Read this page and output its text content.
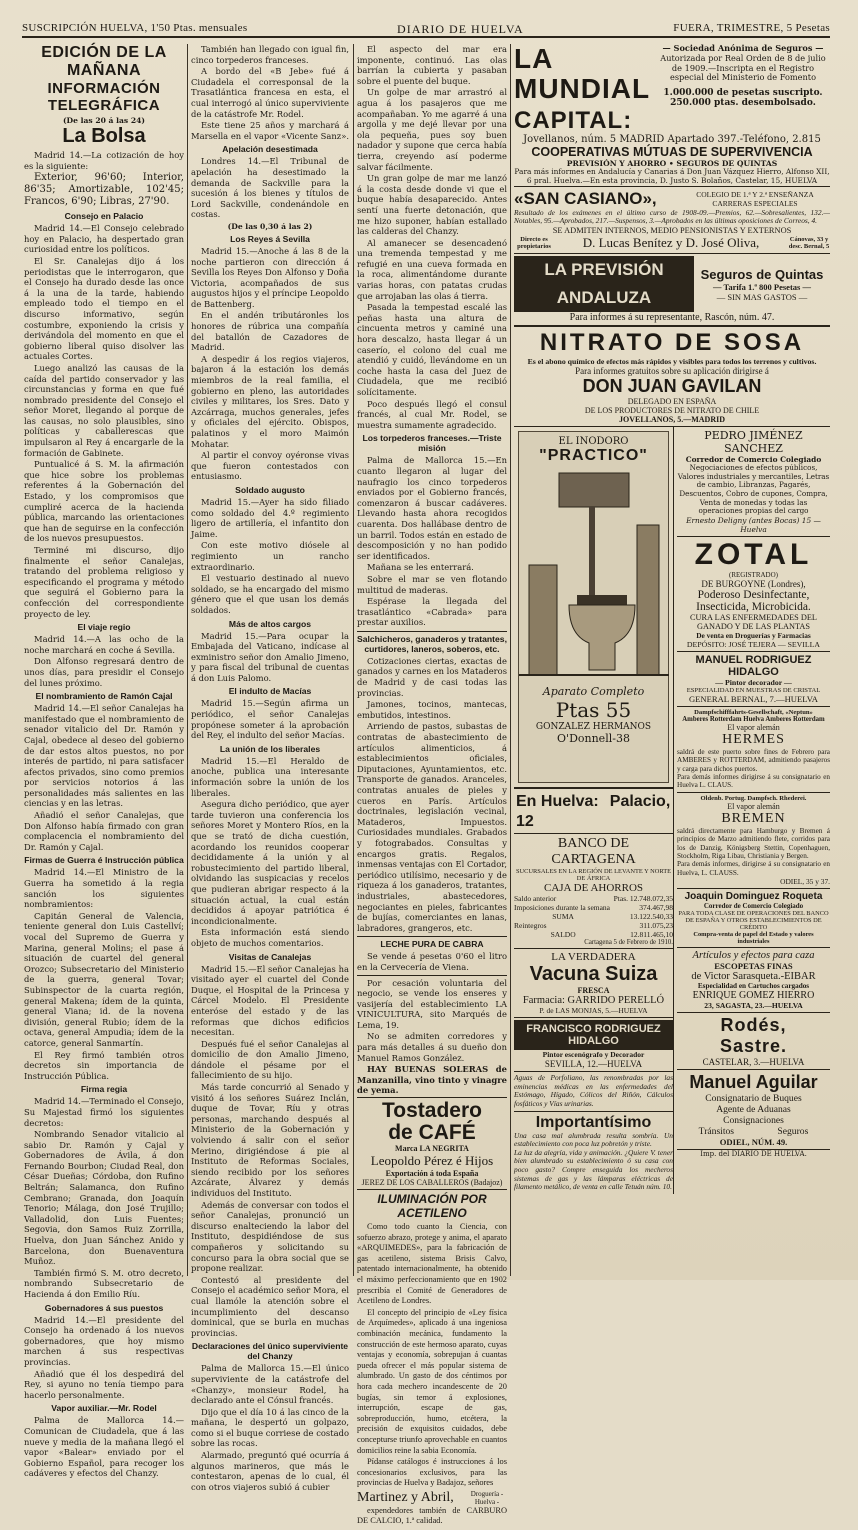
SUSCRIPCIÓN HUELVA, 1'50 Ptas. mensuales	DIARIO DE HUELVA	FUERA, TRIMESTRE, 5 Pesetas
EDICIÓN DE LA MAÑANA
INFORMACIÓN TELEGRÁFICA
(De las 20 á las 24)
La Bolsa

Madrid 14.—La cotización de hoy es la siguiente:

Exterior, 96'60; Interior, 86'35; Amortizable, 102'45; Francos, 6'90; Libras, 27'90.

Consejo en Palacio

Madrid 14.—El Consejo celebrado hoy en Palacio, ha despertado gran curiosidad entre los políticos.

El Sr. Canalejas dijo á los periodistas que le interrogaron, que el Consejo ha durado desde las once á la una de la tarde, habiendo empleado todo el tiempo en el discurso informativo, según costumbre, exponiendo la crisis y derivándola del momento en que el gobierno liberal quiso disolver las actuales Cortes.

Luego analizó las causas de la caída del partido conservador y las circunstancias y forma en que fué nombrado presidente del Consejo el señor Moret, llegando al porque de las causas, no solo plausibles, sino políticas y caballerescas que impulsaron al Rey á encargarle de la formación de Gabinete.

Puntualicé á S. M. la afirmación que hice sobre los problemas referentes á la Gobernación del Estado, y los compromisos que cumpliré acerca de la hacienda pública, marcando las orientaciones que han de seguirse en la confección de los nuevos presupuestos.

Terminé mi discurso, dijo finalmente el señor Canalejas, tratando del problema religioso y especificando el programa y método que seguirá el Gobierno para la confección del correspondiente proyecto de ley.

El viaje regio

Madrid 14.—A las ocho de la noche marchará en coche á Sevilla.

Don Alfonso regresará dentro de unos días, para presidir el Consejo del lunes próximo.

El nombramiento de Ramón Cajal

Madrid 14.—El señor Canalejas ha manifestado que el nombramiento de senador vitalicio del Dr. Ramón y Cajal, obedece al deseo del gobierno de dar estos altos puestos, no por interés de partido, ni para satisfacer afectos privados, sino como premios por servicios notorios á las personalidades más salientes en las ciencias y en las letras.

Añadió el señor Canalejas, que Don Alfonso había firmado con gran complacencia el nombramiento del Dr. Ramón y Cajal.

Firmas de Guerra é Instrucción pública

Madrid 14.—El Ministro de la Guerra ha sometido á la regia sanción los siguientes nombramientos:

Capitán General de Valencia, teniente general don Luis Castellví; vocal del Supremo de Guerra y Marina, general Molins; el pase á situación de cuartel del general Orozco; Subsecretario del Ministerio de la guerra, general Tovar; Subinspector de la cuarta región, general Makena; ídem de la quinta, general Viana; id. de la novena división, general Rubio; ídem de la octava, general Ampudia; ídem de la catorce, general Sanmartín.

El Rey firmó también otros decretos sin importancia de Instrucción Pública.

Firma regia

Madrid 14.—Terminado el Consejo, Su Majestad firmó los siguientes decretos:

Nombrando Senador vitalicio al sabio Dr. Ramón y Cajal y Gobernadores de Ávila, á don Fernando Bourbon; Ciudad Real, don César Dueñas; Córdoba, don Rufino Beltrán; Salamanca, don Rufino Cembrano; Granada, don Joaquín Tenorio; Málaga, don José Trujillo; Valladolid, don Luis Fuentes; Segovia, don Samos Ruiz Zorrilla, Huelva, don Juan Sánchez Anido y Barcelona, don Buenaventura Muñoz.

También firmó S. M. otro decreto, nombrando Subsecretario de Hacienda á don Emilio Ríu.

Gobernadores á sus puestos

Madrid 14.—El presidente del Consejo ha ordenado á los nuevos gobernadores, que hoy mismo marchen á sus respectivas provincias.

Añadió que él los despedirá del Rey, si ayuno no tenía tiempo para hacerlo personalmente.

Vapor auxiliar.—Mr. Rodel

Palma de Mallorca 14.—Comunican de Ciudadela, que á las nueve y media de la mañana llegó el vapor «Balear» enviado por el Gobierno Español, para recoger los cadáveres y efectos del Chanzy.

También han llegado con igual fin, cinco torpederos franceses.

A bordo del «B Jebe» fué á Ciudadela el corresponsal de la Trasatlántica francesa en esta, el cual interrogó al único superviviente de la catástrofe Mr. Rodel.

Este tiene 25 años y marchará á Marsella en el vapor «Vicente Sanz».

Apelación desestimada

Londres 14.—El Tribunal de apelación ha desestimado la demanda de Sackville para la sucesión á los bienes y títulos de Lord Sackville, condenándole en costas.

(De las 0,30 á las 2)
Los Reyes á Sevilla

Madrid 15.—Anoche á las 8 de la noche partieron con dirección á Sevilla los Reyes Don Alfonso y Doña Victoria, acompañados de sus augustos hijos y el príncipe Leopoldo de Battenberg.

En el andén tributáronles los honores de rúbrica una compañía del batallón de Cazadores de Madrid.

A despedir á los regios viajeros, bajaron á la estación los demás miembros de la real familia, el gobierno en pleno, las autoridades civiles y militares, los Sres. Dato y Azcárraga, muchos generales, jefes y oficiales del ejército. Obispos, palatinos y el moro Maimón Mohatar.

Al partir el convoy oyéronse vivas que fueron contestados con entusiasmo.

Soldado augusto

Madrid 15.—Ayer ha sido filiado como soldado del 4.º regimiento ligero de artillería, el infantito don Jaime.

Con este motivo diósele al regimiento un rancho extraordinario.

El vestuario destinado al nuevo soldado, se ha encargado del mismo género que el que usan los demás soldados.

Más de altos cargos

Madrid 15.—Para ocupar la Embajada del Vaticano, indícase al exministro señor don Amalio Jimeno, y para fiscal del tribunal de cuentas á don Luis Palomo.

El indulto de Macías

Madrid 15.—Según afirma un periódico, el señor Canalejas propónese someter á la aprobación del Rey, el indulto del señor Macías.

La unión de los liberales

Madrid 15.—El Heraldo de anoche, publica una interesante información sobre la unión de los liberales.

Asegura dicho periódico, que ayer tarde tuvieron una conferencia los señores Moret y Montero Ríos, en la que se trató de dicha cuestión, acordando los reunidos cooperar decididamente á la unión y al robustecimiento del partido liberal, olvidando las suspicacias y recelos que pudieran abrigar respecto á la situación actual, la cual están decididos á apoyar patriótica é incondicionalmente.

Esta información está siendo objeto de muchos comentarios.

Visitas de Canalejas

Madrid 15.—El señor Canalejas ha visitado ayer el cuartel del Conde Duque, el Hospital de la Princesa y Cárcel Modelo. El Presidente enteróse del estado y de las reformas que dichos edificios necesitan.

Después fué el señor Canalejas al domicilio de don Amalio Jimeno, dándole el pésame por el fallecimiento de su hijo.

Más tarde concurrió al Senado y visitó á los señores Suárez Inclán, duque de Tovar, Ríu y otras personas, marchando después al Ministerio de la Gobernación y volviendo á salir con el señor Merino, dirigiéndose á pie al Instituto de Reformas Sociales, siendo recibido por los señores Azcárate, Álvarez y demás individuos del Instituto.

Además de conversar con todos el señor Canalejas, pronunció un discurso enalteciendo la labor del Instituto, despidiéndose de sus compañeros y solicitando su concurso para la obra social que se propone realizar.

Contestó al presidente del Consejo el académico señor Mora, el cual llamóle la atención sobre el incumplimiento del descanso dominical, que se burla en muchas provincias.

Declaraciones del único superviviente del Chanzy

Palma de Mallorca 15.—El único superviviente de la catástrofe del «Chanzy», monsieur Rodel, ha declarado ante el Cónsul francés.

Dijo que el día 10 á las cinco de la mañana, le despertó un golpazo, como si el buque corriese de costado sobre las rocas.

Alarmado, preguntó qué ocurría á algunos marineros, que más le contestaron, apenas de lo cual, él con otros viajeros subió á cubier

El aspecto del mar era imponente, continuó. Las olas barrían la cubierta y pasaban sobre el puente del buque.

Un golpe de mar arrastró al agua á los pasajeros que me acompañaban. Yo me agarré á una argolla y me dejé llevar por una ola pequeña, pues soy buen nadador y supone que cerca había tierra, creyendo así poderme salvar fácilmente.

Un gran golpe de mar me lanzó á la costa desde donde vi que el buque había desaparecido. Antes sentí una fuerte detonación, que me hizo suponer, habían estallado las calderas del Chanzy.

Al amanecer se desencadenó una tremenda tempestad y me refugié en una cueva formada en la roca, alimentándome durante varias horas, con patatas crudas que arrojaban las olas á tierra.

Pasada la tempestad escalé las peñas hasta una altura de cincuenta metros y caminé una hora descalzo, hasta llegar á un caserío, el colono del cual me atendió y cuidó, llevándome en un coche hasta la casa del Juez de Ciudadela, que me recibió solícitamente.

Poco después llegó el consul francés, al cual Mr. Rodel, se muestra sumamente agradecido.

Los torpederos franceses.—Triste misión

Palma de Mallorca 15.—En cuanto llegaron al lugar del naufragio los cinco torpederos enviados por el Gobierno francés, comenzaron á buscar cadáveres. Llevando hasta ahora recogidos cuarenta. Dos hallábase dentro de un barril. Todos están en estado de descomposición y no han podido ser identificados.

Mañana se les enterrará.

Sobre el mar se ven flotando multitud de maderas.

Espérase la llegada del trasatlántico «Cabrada» para prestar auxilios.

Salchicheros, ganaderos y tratantes, curtidores, laneros, soberos, etc.

Cotizaciones ciertas, exactas de ganados y carnes en los Mataderos de Madrid y de casi todas las provincias.

Jamones, tocinos, mantecas, embutidos, intestinos.

Arriendo de pastos, subastas de contratas de abastecimiento de artículos alimenticios, á establecimientos oficiales, Diputaciones, Ayuntamientos, etc. Transporte de ganados. Aranceles, contratas anuales de pieles y cueros en París. Artículos doctrinales, legislación vecinal, Mataderos, Impuestos. Curiosidades mundiales. Grabados y fotograbados. Consultas y encargos gratis. Regalos, inmensas ventajas con El Cortador, periódico utilísimo, necesario y de riqueza á los ganaderos, tratantes, industriales, abastecedores, negociantes en pieles, fabricantes de bujías, comerciantes en lanas, labradores, grangeros, etc.

LECHE PURA DE CABRA

Se vende á pesetas 0'60 el litro en la Cervecería de Viena.

Por cesación voluntaria del negocio, se vende los enseres y vasijería del establecimiento LA VINICULTURA, sito Marqués de Lema, 19.

No se admiten corredores y para más detalles á su dueño don Manuel Ramos González.

HAY BUENAS SOLERAS de Manzanilla, vino tinto y vinagre de yema.

Tostadero
de CAFÉ
Marca LA NEGRITA
Leopoldo Pérez é Hijos
Exportación á toda España
JEREZ DE LOS CABALLEROS (Badajoz)
ILUMINACIÓN POR ACETILENO

Como todo cuanto la Ciencia, con sofuerzo abrazo, protege y anima, el aparato «ARQUIMEDES», para la fabricación de gas acetileno, sistema Brisis Calvo, patentado internacionalmente, ha obtenido el máximo perfeccionamiento que en 1902 prescribía el Comité de Generadores de Acetileno de Londres.

El concepto del principio de «Ley física de Arquímedes», aplicado á una ingeniosa combinación mecánica, fundamento la construcción de este hermoso aparato, cuyas ventajas y economía, sobrepujan á cuantas pueda ofrecer el más popular sistema de alumbrado. Un gasto de dos céntimos por hora cada mechero incandescente de 20 bugías, sin temor á explosiones, interrupción, escape de gas, sobreproducción, humo, etcétera, la precisión de exquisitos cuidados, debe concepturse triunfo aprovechable en cuantos domicilios reine la sabia Economía.

Pídanse catálogos é instrucciones á los concesionarios exclusivos, para las provincias de Huelva y Badajoz, señores

Martinez y Abril,	Droguería - Huelva -

expendedores también de CARBURO DE CALCIO, 1.ª calidad.

LA MUNDIAL
CAPITAL:
— Sociedad Anónima de Seguros —
Autorizada por Real Orden de 8 de julio de 1909.—Inscripta en el Registro especial del Ministerio de Fomento
1.000.000 de pesetas suscripto.
250.000 ptas. desembolsado.
Jovellanos, núm. 5 MADRID Apartado 397.-Teléfono, 2.815
COOPERATIVAS MÚTUAS DE SUPERVIVENCIA
PREVISIÓN Y AHORRO • SEGUROS DE QUINTAS
Para más informes en Andalucía y Canarias á Don Juan Vázquez Hierro, Alfonso XII, 6 pral. Huelva.—En esta provincia, D. Justo S. Bolaños, Castelar, 15, HUELVA
«SAN CASIANO»,	COLEGIO DE 1.ª Y 2.ª ENSEÑANZA CARRERAS ESPECIALES
Resultado de los exámenes en el último curso de 1908-09.—Premios, 62.—Sobresalientes, 132.—Notables, 95.—Aprobados, 217.—Suspensos, 3.—Aprobados en las últimas oposiciones de Correos, 4.
SE ADMITEN INTERNOS, MEDIO PENSIONISTAS Y EXTERNOS
Directo es propietarios D. Lucas Benítez y D. José Oliva,	Cánovas, 33 y desc. Bernal, 5
LA PREVISIÓN ANDALUZA
Seguros de Quintas
— Tarifa 1.ª 800 Pesetas —
— SIN MAS GASTOS —
Para informes á su representante, Rascón, núm. 47.
NITRATO DE SOSA
Es el abono químico de efectos más rápidos y visibles para todos los terrenos y cultivos.
Para informes gratuitos sobre su aplicación dirigirse á
DON JUAN GAVILAN
DELEGADO EN ESPAÑA
DE LOS PRODUCTORES DE NITRATO DE CHILE
JOVELLANOS, 5.—MADRID
EL INODORO
"PRACTICO"
Aparato Completo
Ptas 55
GONZALEZ HERMANOS
O'Donnell-38
En Huelva: Palacio, 12
BANCO DE CARTAGENA
SUCURSALES EN LA REGIÓN DE LEVANTE Y NORTE DE ÁFRICA
CAJA DE AHORROS
Saldo anterior	Ptas. 12.748.072,35
Imposiciones durante la semana	374.467,98
SUMA	13.122.540,33
Reintegros	311.075,23
SALDO	12.811.465,10
Cartagena 5 de Febrero de 1910.
LA VERDADERA
Vacuna Suiza
FRESCA
Farmacia: GARRIDO PERELLÓ
P. de LAS MONJAS, 5.—HUELVA
FRANCISCO RODRIGUEZ HIDALGO
Pintor escenógrafo y Decorador
SEVILLA, 12.—HUELVA
Aguas de Porfoliano, las renombradas por las eminencias médicas en las enfermedades del Estómago, Hígado, Cólicos del Riñón, Cálculos fosfáticos y Vías urinarias.
Importantísimo
Una casa mal alumbrada resulta sombría. Un establecimiento con poca luz pobretón y triste.
La luz da alegría, vida y animación. ¿Quiere V. tener bien alumbrado su establecimiento ó su casa con poco gasto? Compre enseguida los mecheros sistemas de gas y las lámparas eléctricas de filamento metálico, de venta en calle Tetuán núm. 10.
PEDRO JIMÉNEZ SANCHEZ
Corredor de Comercio Colegiado
Negociaciones de efectos públicos, Valores industriales y mercantiles, Letras de cambio, Libranzas, Pagarés, Descuentos, Cobro de cupones, Compra, Venta de monedas y todas las operaciones propias del cargo
Ernesto Deligny (antes Bocas) 15 — Huelva
ZOTAL
(REGISTRADO)
DE BURGOYNE (Londres),
Poderoso Desinfectante,
Insecticida, Microbicida.
CURA LAS ENFERMEDADES DEL GANADO Y DE LAS PLANTAS
De venta en Droguerías y Farmacias
DEPÓSITO: JOSÉ TEJERA — SEVILLA
MANUEL RODRIGUEZ HIDALGO
— Pintor decorador —
ESPECIALIDAD EN MUESTRAS DE CRISTAL
GENERAL BERNAL, 7.—HUELVA
Dampfschifffahrts-Gesellschaft, «Neptun»
Amberes Rotterdam Huelva Amberes Rotterdam
El vapor alemán
HERMES
saldrá de este puerto sobre fines de Febrero para AMBERES y ROTTERDAM, admitiendo pasajeros y carga para dichos puertos.
Para demás informes dirigirse á su consignatario en Huelva L. CLAUS.
Oldenb. Portug. Dampfsch. Rhederei.
El vapor alemán
BREMEN
saldrá directamente para Hamburgo y Bremen á principios de Marzo admitiendo flete, corridos para los de Danzig, Königsberg Stettin, Copenhaguen, Stockholm, Riga Libau, Christiania y Bergen.
Para demás informes, dirigirse á su consignatario en Huelva, L. CLAUSS.
ODIEL, 35 y 37.
Joaquin Dominguez Roqueta
Corredor de Comercio Colegiado
PARA TODA CLASE DE OPERACIONES DEL BANCO DE ESPAÑA Y OTROS ESTABLECIMIENTOS DE CRÉDITO
Compra-venta de papel del Estado y valores industriales
Artículos y efectos para caza
ESCOPETAS FINAS
de Victor Sarasqueta.-EIBAR
Especialidad en Cartuchos cargados
ENRIQUE GOMEZ HIERRO
23, SAGASTA, 23.—HUELVA
Rodés,
Sastre.
CASTELAR, 3.—HUELVA
Manuel Aguilar
Consignatario de Buques
Agente de Aduanas
Consignaciones
Tránsitos	Seguros
ODIEL, NÚM. 49.
Imp. del DIARIO DE HUELVA.
